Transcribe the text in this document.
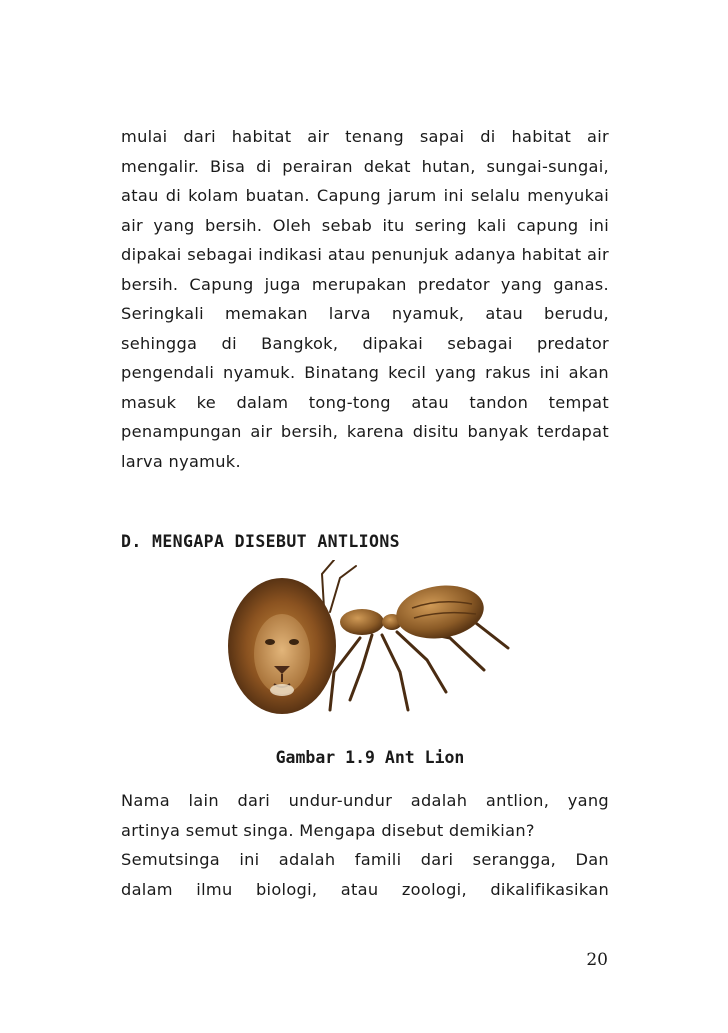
mulai dari habitat air tenang sapai di habitat air mengalir. Bisa di perairan dekat hutan, sungai-sungai, atau di kolam buatan. Capung jarum ini selalu menyukai air yang bersih. Oleh sebab itu sering kali capung ini dipakai sebagai indikasi atau penunjuk adanya habitat air bersih. Capung juga merupakan predator yang ganas. Seringkali memakan larva nyamuk, atau berudu, sehingga di Bangkok, dipakai sebagai predator pengendali nyamuk. Binatang kecil yang rakus ini akan masuk ke dalam tong-tong atau tandon tempat penampungan air bersih, karena disitu banyak terdapat larva nyamuk.

D. MENGAPA DISEBUT ANTLIONS

Gambar 1.9 Ant Lion
Nama lain dari undur-undur adalah antlion, yang
artinya semut singa. Mengapa disebut demikian?
Semutsinga ini adalah famili dari serangga, Dan
dalam ilmu biologi, atau zoologi, dikalifikasikan
20
